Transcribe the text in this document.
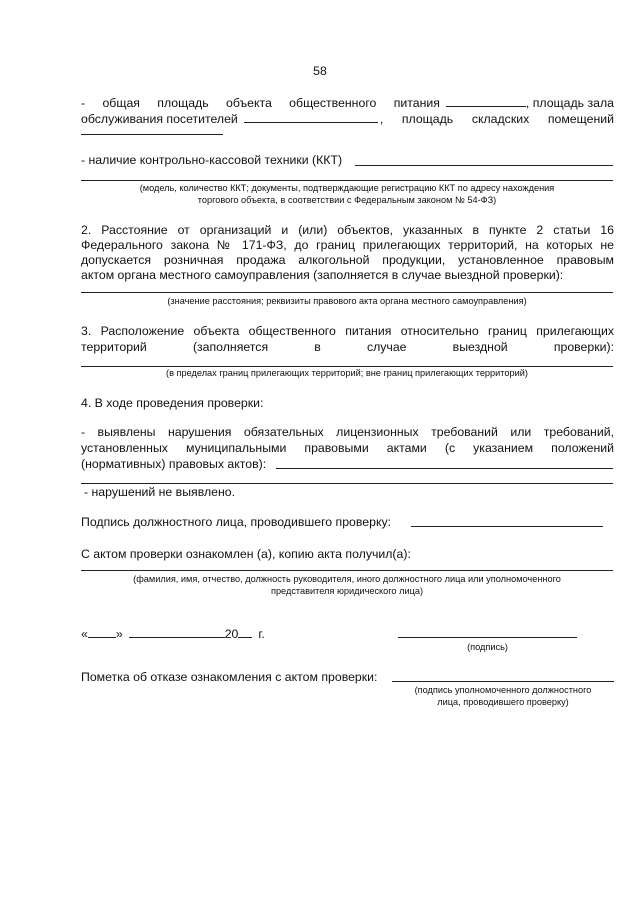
58
- общая площадь объекта общественного питания	, площадь зала
обслуживания посетителей	, площадь складских помещений
- наличие контрольно-кассовой техники (ККТ)
(модель, количество ККТ; документы, подтверждающие регистрацию ККТ по адресу нахождения
торгового объекта, в соответствии с Федеральным законом № 54-ФЗ)
2. Расстояние от организаций и (или) объектов, указанных в пункте 2 статьи 16
Федерального закона № 171-ФЗ, до границ прилегающих территорий, на которых не
допускается розничная продажа алкогольной продукции, установленное правовым
актом органа местного самоуправления (заполняется в случае выездной проверки):
(значение расстояния; реквизиты правового акта органа местного самоуправления)
3. Расположение объекта общественного питания относительно границ прилегающих
территорий (заполняется в случае выездной проверки):
(в пределах границ прилегающих территорий; вне границ прилегающих территорий)
4. В ходе проведения проверки:
- выявлены нарушения обязательных лицензионных требований или требований,
установленных муниципальными правовыми актами (с указанием положений
(нормативных) правовых актов):
- нарушений не выявлено.
Подпись должностного лица, проводившего проверку:
С актом проверки ознакомлен (а), копию акта получил(а):
(фамилия, имя, отчество, должность руководителя, иного должностного лица или уполномоченного
представителя юридического лица)
« »	20 г.
(подпись)
Пометка об отказе ознакомления с актом проверки:
(подпись уполномоченного должностного
лица, проводившего проверку)
